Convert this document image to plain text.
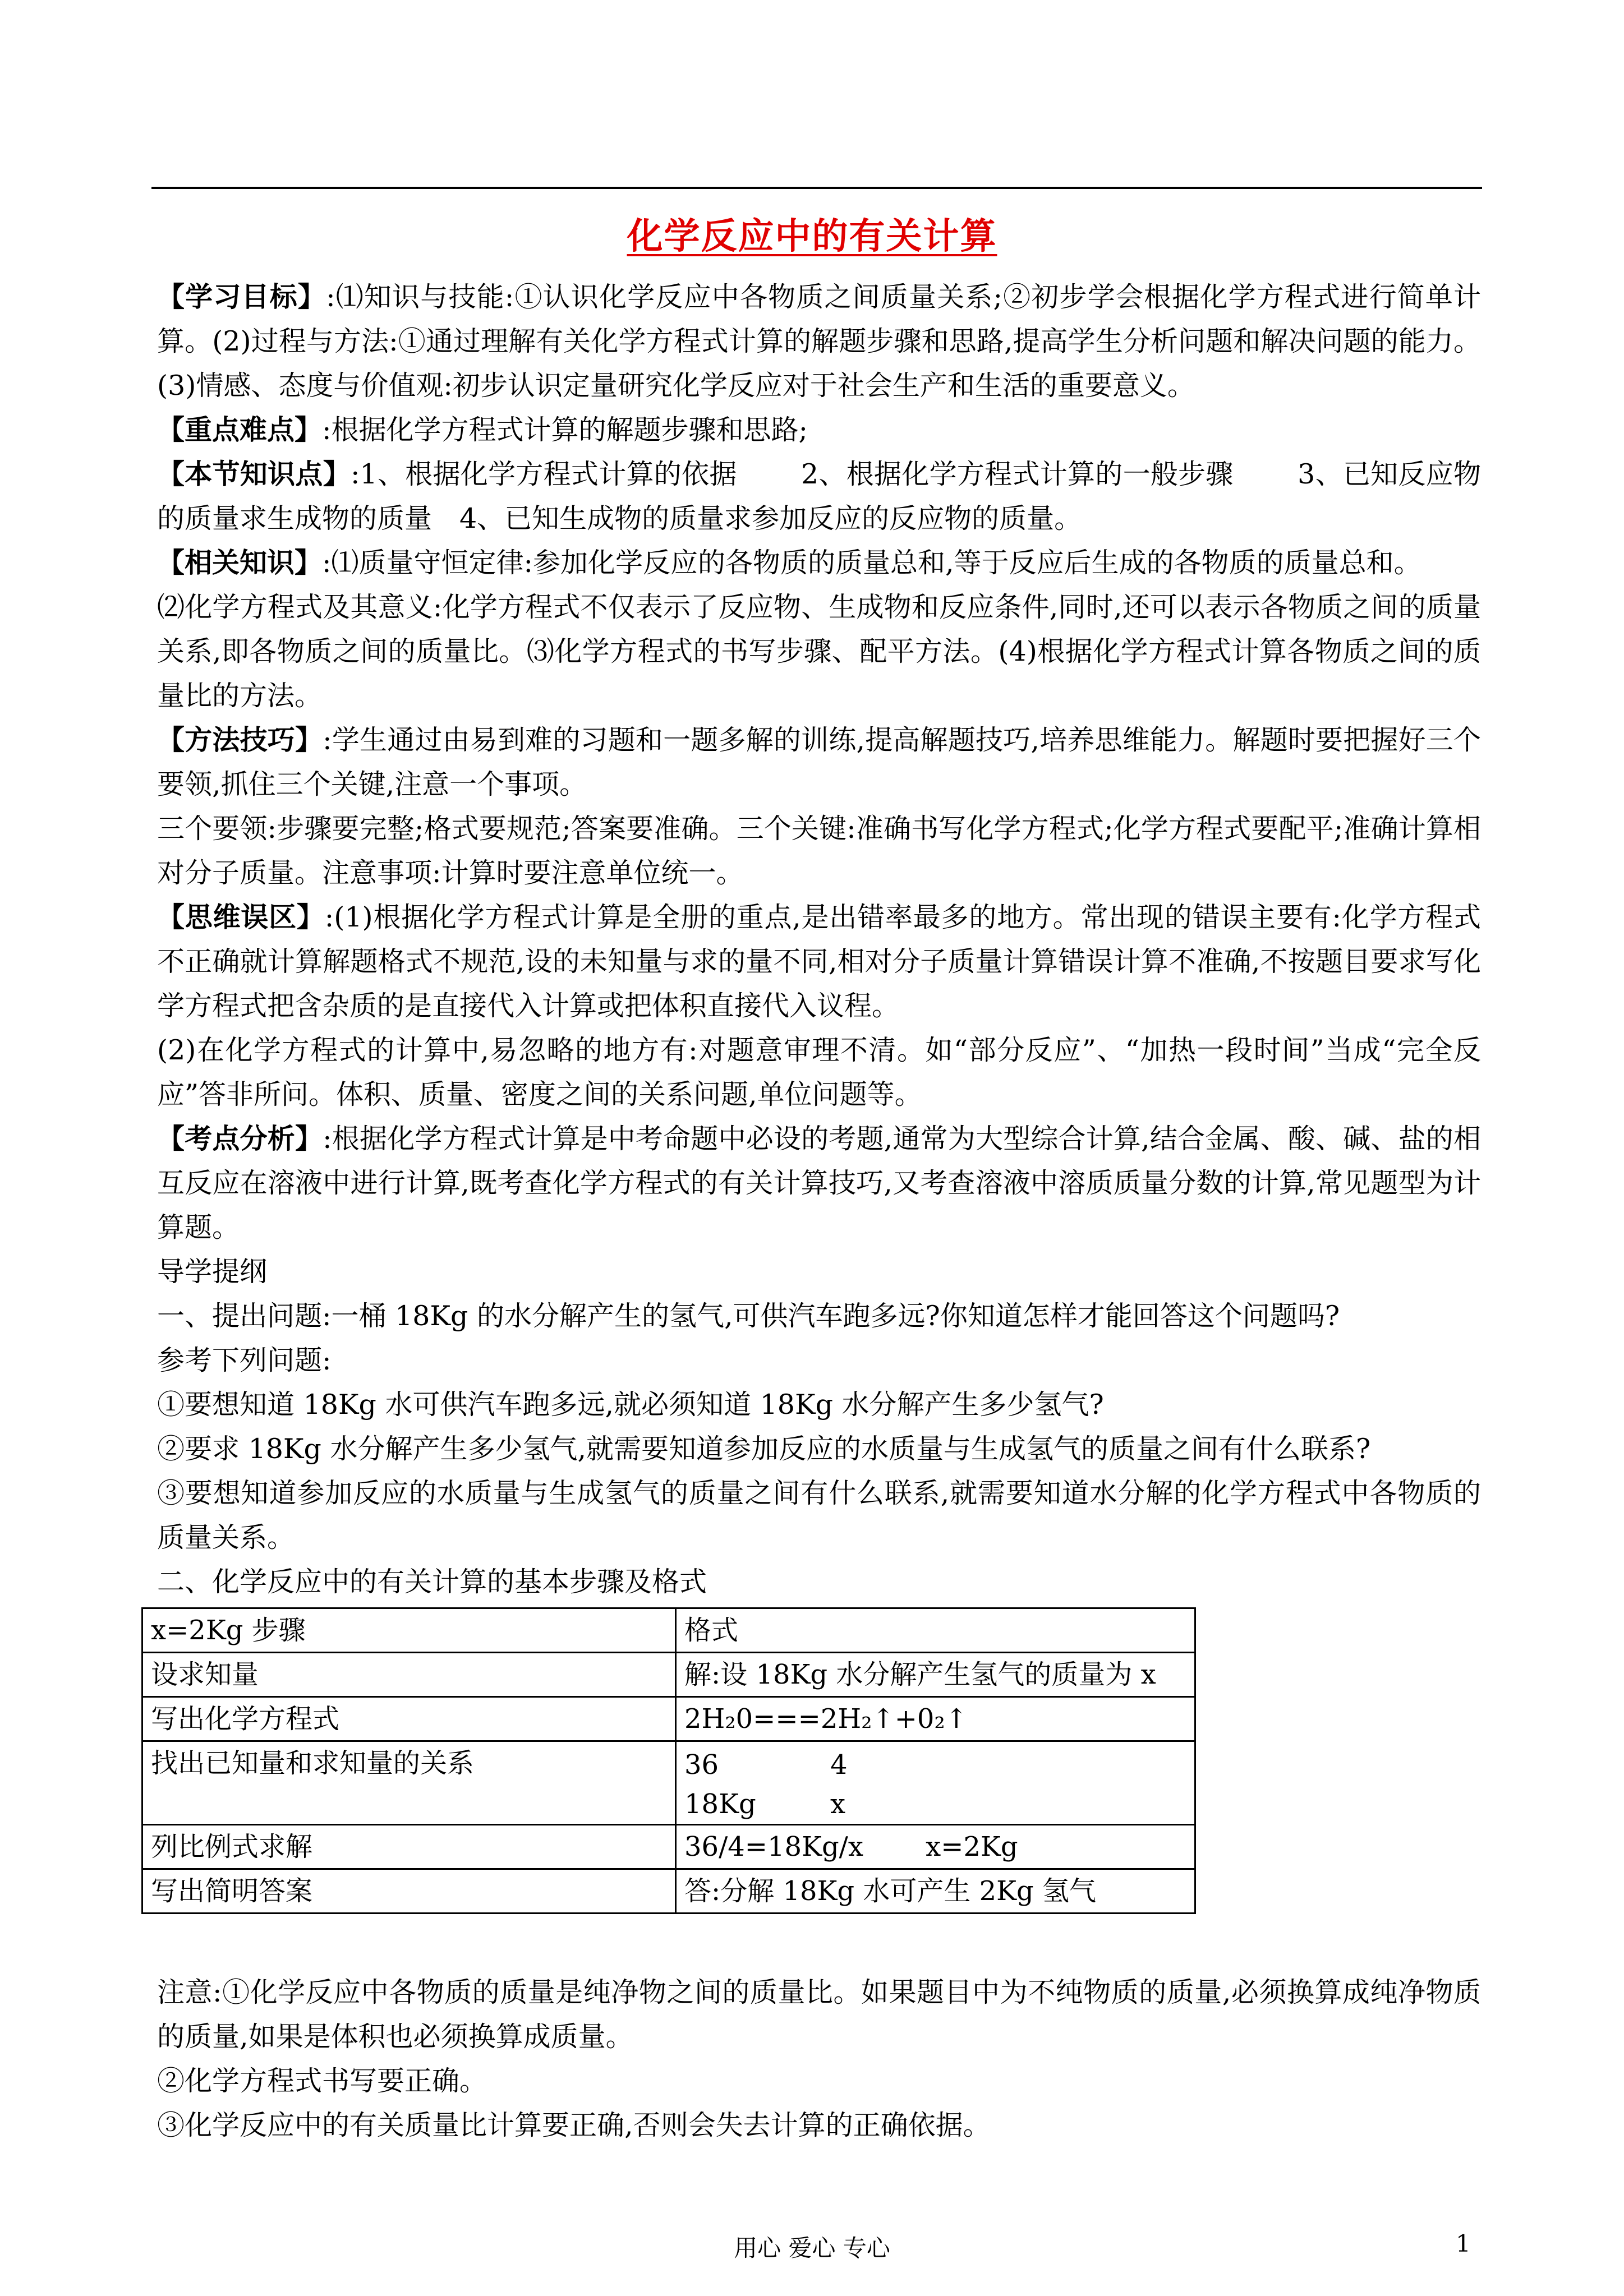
化学反应中的有关计算

【学习目标】:⑴知识与技能:①认识化学反应中各物质之间质量关系;②初步学会根据化学方程式进行简单计算。(2)过程与方法:①通过理解有关化学方程式计算的解题步骤和思路,提高学生分析问题和解决问题的能力。(3)情感、态度与价值观:初步认识定量研究化学反应对于社会生产和生活的重要意义。

【重点难点】:根据化学方程式计算的解题步骤和思路;

【本节知识点】:1、根据化学方程式计算的依据　　 2、根据化学方程式计算的一般步骤　　 3、已知反应物的质量求生成物的质量　4、已知生成物的质量求参加反应的反应物的质量。

【相关知识】:⑴质量守恒定律:参加化学反应的各物质的质量总和,等于反应后生成的各物质的质量总和。

⑵化学方程式及其意义:化学方程式不仅表示了反应物、生成物和反应条件,同时,还可以表示各物质之间的质量关系,即各物质之间的质量比。⑶化学方程式的书写步骤、配平方法。(4)根据化学方程式计算各物质之间的质量比的方法。

【方法技巧】:学生通过由易到难的习题和一题多解的训练,提高解题技巧,培养思维能力。解题时要把握好三个要领,抓住三个关键,注意一个事项。

三个要领:步骤要完整;格式要规范;答案要准确。三个关键:准确书写化学方程式;化学方程式要配平;准确计算相对分子质量。注意事项:计算时要注意单位统一。

【思维误区】:(1)根据化学方程式计算是全册的重点,是出错率最多的地方。常出现的错误主要有:化学方程式不正确就计算解题格式不规范,设的未知量与求的量不同,相对分子质量计算错误计算不准确,不按题目要求写化学方程式把含杂质的是直接代入计算或把体积直接代入议程。

(2)在化学方程式的计算中,易忽略的地方有:对题意审理不清。如“部分反应”、“加热一段时间”当成“完全反应”答非所问。体积、质量、密度之间的关系问题,单位问题等。

【考点分析】:根据化学方程式计算是中考命题中必设的考题,通常为大型综合计算,结合金属、酸、碱、盐的相互反应在溶液中进行计算,既考查化学方程式的有关计算技巧,又考查溶液中溶质质量分数的计算,常见题型为计算题。

导学提纲

一、提出问题:一桶 18Kg 的水分解产生的氢气,可供汽车跑多远?你知道怎样才能回答这个问题吗?

参考下列问题:

①要想知道 18Kg 水可供汽车跑多远,就必须知道 18Kg 水分解产生多少氢气?

②要求 18Kg 水分解产生多少氢气,就需要知道参加反应的水质量与生成氢气的质量之间有什么联系?

③要想知道参加反应的水质量与生成氢气的质量之间有什么联系,就需要知道水分解的化学方程式中各物质的质量关系。

二、化学反应中的有关计算的基本步骤及格式

x=2Kg 步骤	格式
设求知量	解:设 18Kg 水分解产生氢气的质量为 x
写出化学方程式	2H₂0===2H₂↑+0₂↑
找出已知量和求知量的关系	36 4
18Kg x

列比例式求解	36/4=18Kg/x　　 x=2Kg
写出简明答案	答:分解 18Kg 水可产生 2Kg 氢气

注意:①化学反应中各物质的质量是纯净物之间的质量比。如果题目中为不纯物质的质量,必须换算成纯净物质的质量,如果是体积也必须换算成质量。

②化学方程式书写要正确。

③化学反应中的有关质量比计算要正确,否则会失去计算的正确依据。

用心 爱心 专心	1
